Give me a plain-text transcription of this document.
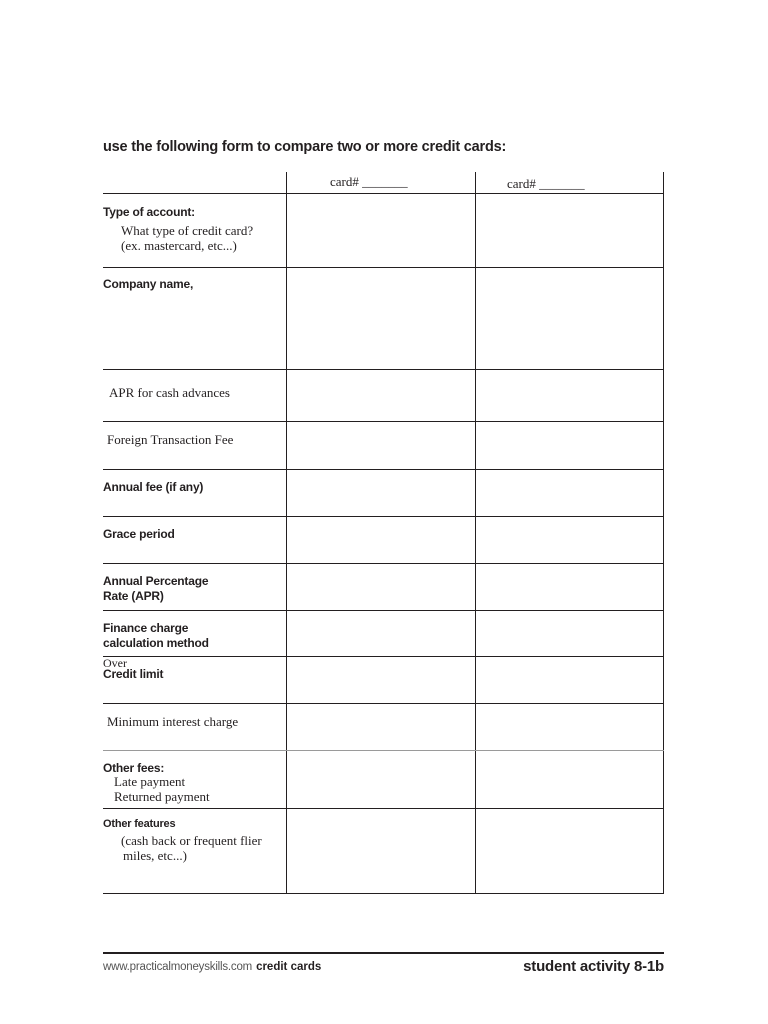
use the following form to compare two or more credit cards:
card# _______	card# _______
Type of account:
What type of credit card?
(ex. mastercard, etc...)
Company name,
APR for cash advances
Foreign Transaction Fee
Annual fee (if any)
Grace period
Annual Percentage
Rate (APR)
Finance charge
calculation method
Over
Credit limit
Minimum interest charge
Other fees:
Late payment
Returned payment
Other features
(cash back or frequent flier
miles, etc...)
www.practicalmoneyskills.com credit cards	student activity 8-1b
